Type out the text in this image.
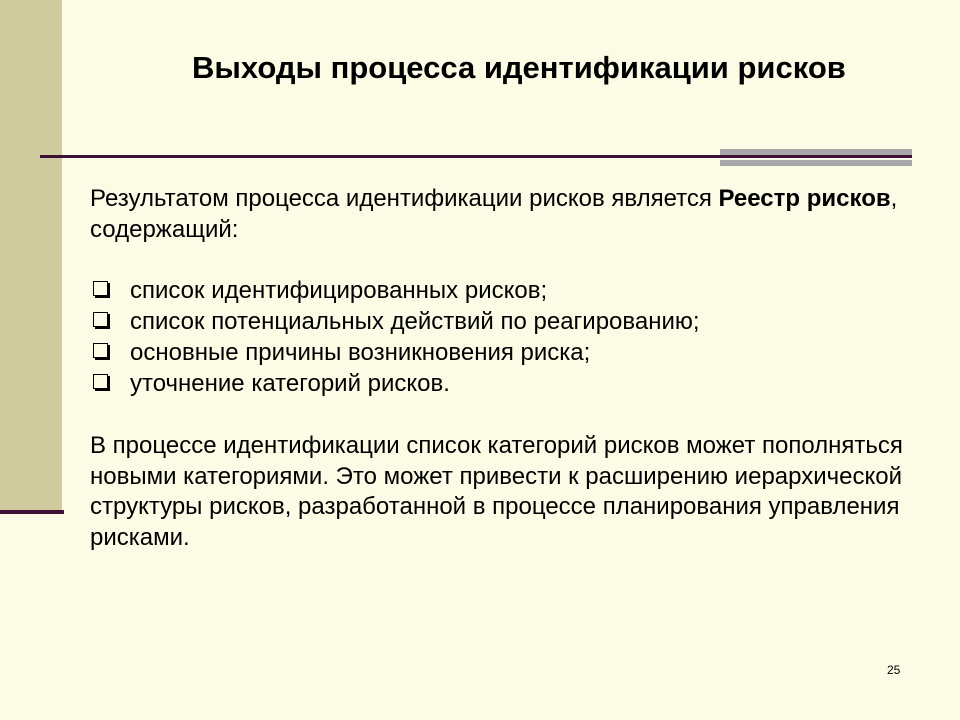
Выходы процесса идентификации рисков

Результатом процесса идентификации рисков является Реестр рисков, содержащий:

список идентифицированных рисков;
список потенциальных действий по реагированию;
основные причины возникновения риска;
уточнение категорий рисков.

В процессе идентификации список категорий рисков может пополняться новыми категориями. Это может привести к расширению иерархической структуры рисков, разработанной в процессе планирования управления рисками.

25
